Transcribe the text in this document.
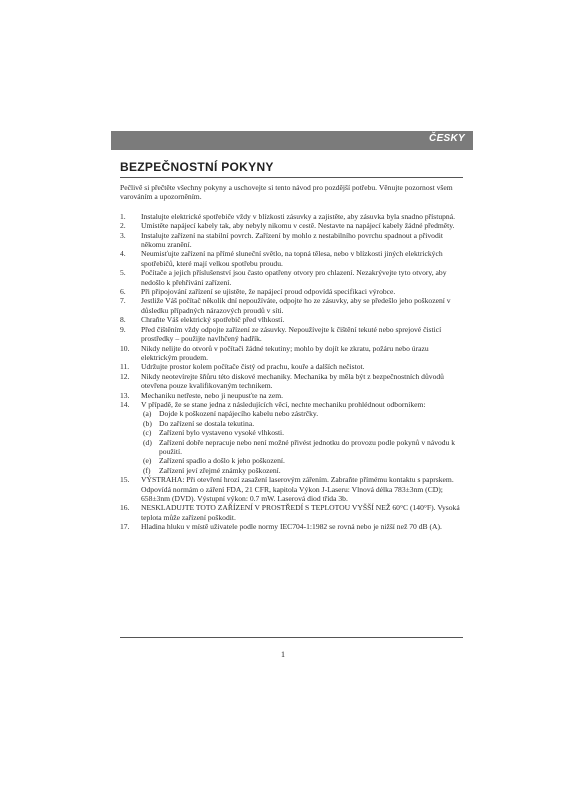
ČESKY
BEZPEČNOSTNÍ POKYNY

Pečlivě si přečtěte všechny pokyny a uschovejte si tento návod pro pozdější potřebu. Věnujte pozornost všem varováním a upozorněním.

1. Instalujte elektrické spotřebiče vždy v blízkosti zásuvky a zajistěte, aby zásuvka byla snadno přístupná.
2. Umístěte napájecí kabely tak, aby nebyly nikomu v cestě. Nestavte na napájecí kabely žádné předměty.
3. Instalujte zařízení na stabilní povrch. Zařízení by mohlo z nestabilního povrchu spadnout a přivodit někomu zranění.
4. Neumisťujte zařízení na přímé sluneční světlo, na topná tělesa, nebo v blízkosti jiných elektrických spotřebičů, které mají velkou spotřebu proudu.
5. Počítače a jejich příslušenství jsou často opatřeny otvory pro chlazení. Nezakrývejte tyto otvory, aby nedošlo k přehřívání zařízení.
6. Při připojování zařízení se ujistěte, že napájecí proud odpovídá specifikaci výrobce.
7. Jestliže Váš počítač několik dní nepoužíváte, odpojte ho ze zásuvky, aby se předešlo jeho poškození v důsledku případných nárazových proudů v síti.
8. Chraňte Váš elektrický spotřebič před vlhkostí.
9. Před čištěním vždy odpojte zařízení ze zásuvky. Nepoužívejte k čištění tekuté nebo sprejové čisticí prostředky – použijte navlhčený hadřík.
10. Nikdy nelijte do otvorů v počítači žádné tekutiny; mohlo by dojít ke zkratu, požáru nebo úrazu elektrickým proudem.
11. Udržujte prostor kolem počítače čistý od prachu, kouře a dalších nečistot.
12. Nikdy neotevírejte šňůru této diskové mechaniky. Mechanika by měla být z bezpečnostních důvodů otevřena pouze kvalifikovaným technikem.
13. Mechaniku netřeste, nebo ji neupusťte na zem.
14. V případě, že se stane jedna z následujících věcí, nechte mechaniku prohlédnout odborníkem:
(a) Dojde k poškození napájecího kabelu nebo zástrčky.
(b) Do zařízení se dostala tekutina.
(c) Zařízení bylo vystaveno vysoké vlhkosti.
(d) Zařízení dobře nepracuje nebo není možné přivést jednotku do provozu podle pokynů v návodu k použití.
(e) Zařízení spadlo a došlo k jeho poškození.
(f) Zařízení jeví zřejmé známky poškození.
15. VÝSTRAHA: Při otevření hrozí zasažení laserovým zářením. Zabraňte přímému kontaktu s paprskem. Odpovídá normám o záření FDA, 21 CFR, kapitola Výkon J-Laseru: Vlnová délka 783±3nm (CD); 658±3nm (DVD). Výstupní výkon: 0.7 mW. Laserová diod třída 3b.
16. NESKLADUJTE TOTO ZAŘÍZENÍ V PROSTŘEDÍ S TEPLOTOU VYŠŠÍ NEŽ 60°C (140°F). Vysoká teplota může zařízení poškodit.
17. Hladina hluku v místě uživatele podle normy IEC704-1:1982 se rovná nebo je nižší než 70 dB (A).
1
